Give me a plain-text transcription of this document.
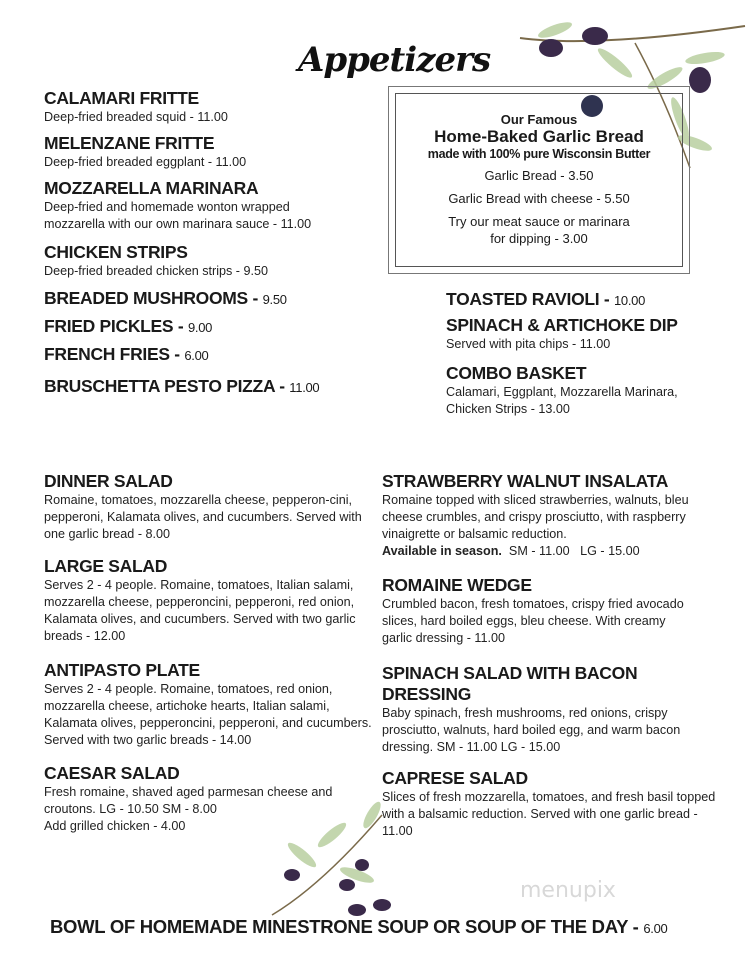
Appetizers
CALAMARI FRITTE
Deep-fried breaded squid - 11.00
MELENZANE FRITTE
Deep-fried breaded eggplant - 11.00
MOZZARELLA MARINARA
Deep-fried and homemade wonton wrapped mozzarella with our own marinara sauce - 11.00
CHICKEN STRIPS
Deep-fried breaded chicken strips - 9.50
BREADED MUSHROOMS - 9.50
FRIED PICKLES - 9.00
FRENCH FRIES - 6.00
BRUSCHETTA PESTO PIZZA - 11.00
Our Famous
Home-Baked Garlic Bread
made with 100% pure Wisconsin Butter
Garlic Bread - 3.50
Garlic Bread with cheese - 5.50
Try our meat sauce or marinara for dipping - 3.00
TOASTED RAVIOLI - 10.00
SPINACH & ARTICHOKE DIP
Served with pita chips - 11.00
COMBO BASKET
Calamari, Eggplant, Mozzarella Marinara, Chicken Strips - 13.00
DINNER SALAD
Romaine, tomatoes, mozzarella cheese, pepperon-cini, pepperoni, Kalamata olives, and cucumbers. Served with one garlic bread - 8.00
LARGE SALAD
Serves 2 - 4 people. Romaine, tomatoes, Italian salami, mozzarella cheese, pepperoncini, pepperoni, red onion, Kalamata olives, and cucumbers. Served with two garlic breads - 12.00
ANTIPASTO PLATE
Serves 2 - 4 people. Romaine, tomatoes, red onion, mozzarella cheese, artichoke hearts, Italian salami, Kalamata olives, pepperoncini, pepperoni, and cucumbers. Served with two garlic breads - 14.00
CAESAR SALAD
Fresh romaine, shaved aged parmesan cheese and croutons. LG - 10.50 SM - 8.00
Add grilled chicken - 4.00
STRAWBERRY WALNUT INSALATA
Romaine topped with sliced strawberries, walnuts, bleu cheese crumbles, and crispy prosciutto, with raspberry vinaigrette or balsamic reduction.
Available in season.  SM - 11.00   LG - 15.00
ROMAINE WEDGE
Crumbled bacon, fresh tomatoes, crispy fried avocado slices, hard boiled eggs, bleu cheese. With creamy garlic dressing - 11.00
SPINACH SALAD WITH BACON DRESSING
Baby spinach, fresh mushrooms, red onions, crispy prosciutto, walnuts, hard boiled egg, and warm bacon dressing. SM - 11.00 LG - 15.00
CAPRESE SALAD
Slices of fresh mozzarella, tomatoes, and fresh basil topped with a balsamic reduction. Served with one garlic bread - 11.00
menupix
BOWL OF HOMEMADE MINESTRONE SOUP OR SOUP OF THE DAY - 6.00
